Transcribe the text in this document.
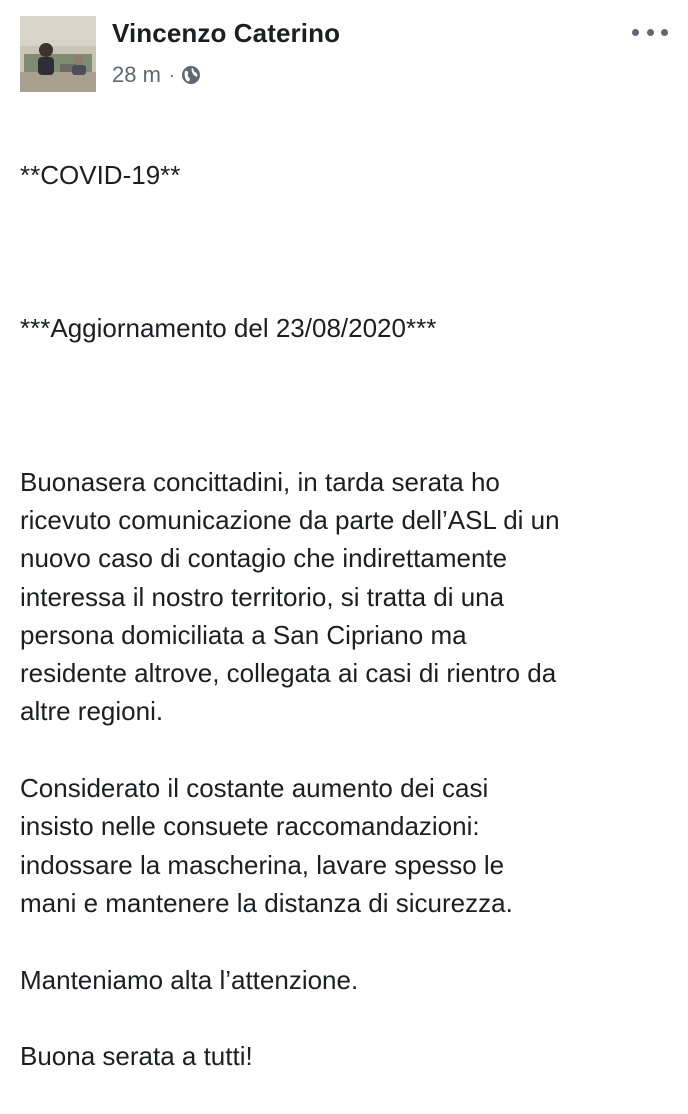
Vincenzo Caterino
28 m ·

**COVID-19**

***Aggiornamento del 23/08/2020***

Buonasera concittadini, in tarda serata ho
ricevuto comunicazione da parte dell’ASL di un
nuovo caso di contagio che indirettamente
interessa il nostro territorio, si tratta di una
persona domiciliata a San Cipriano ma
residente altrove, collegata ai casi di rientro da
altre regioni.

Considerato il costante aumento dei casi
insisto nelle consuete raccomandazioni:
indossare la mascherina, lavare spesso le
mani e mantenere la distanza di sicurezza.

Manteniamo alta l’attenzione.

Buona serata a tutti!
